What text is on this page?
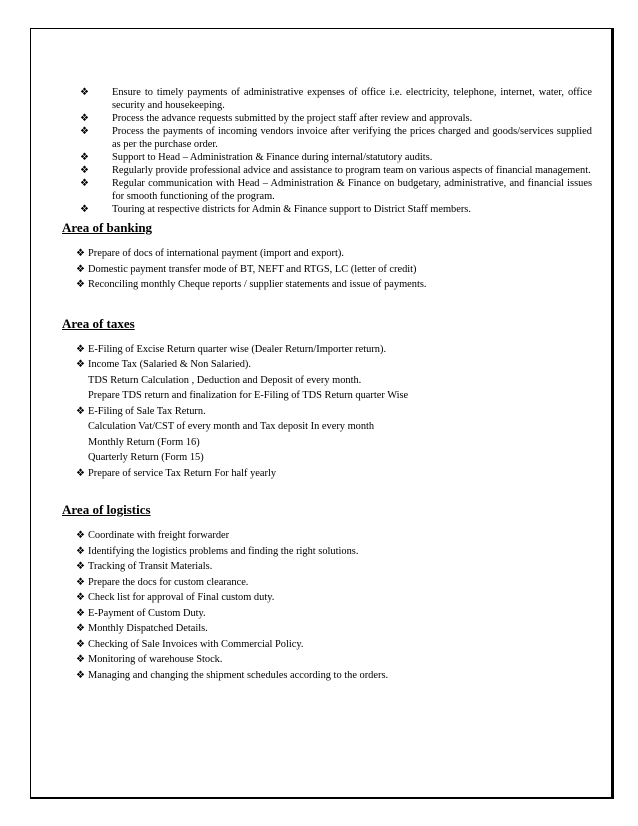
❖ Ensure to timely payments of administrative expenses of office i.e. electricity, telephone, internet, water, office security and housekeeping.
❖ Process the advance requests submitted by the project staff after review and approvals.
❖ Process the payments of incoming vendors invoice after verifying the prices charged and goods/services supplied as per the purchase order.
❖ Support to Head – Administration & Finance during internal/statutory audits.
❖ Regularly provide professional advice and assistance to program team on various aspects of financial management.
❖ Regular communication with Head – Administration & Finance on budgetary, administrative, and financial issues for smooth functioning of the program.
❖ Touring at respective districts for Admin & Finance support to District Staff members.
Area of banking
❖ Prepare of docs of international payment (import and export).
❖ Domestic payment transfer mode of BT, NEFT and RTGS, LC (letter of credit)
❖ Reconciling monthly Cheque reports / supplier statements and issue of payments.
Area of taxes
❖ E-Filing of Excise Return quarter wise (Dealer Return/Importer return).
❖ Income Tax (Salaried & Non Salaried).
TDS Return Calculation , Deduction and Deposit of every month.
Prepare TDS return and finalization for E-Filing of TDS Return quarter Wise
❖ E-Filing of Sale Tax Return.
Calculation Vat/CST of every month and Tax deposit In every month
Monthly Return (Form 16)
Quarterly Return (Form 15)
❖ Prepare of service Tax Return For half yearly
Area of logistics
❖ Coordinate with freight forwarder
❖ Identifying the logistics problems and finding the right solutions.
❖ Tracking of Transit Materials.
❖ Prepare the docs for custom clearance.
❖ Check list for approval of Final custom duty.
❖ E-Payment of Custom Duty.
❖ Monthly Dispatched Details.
❖ Checking of Sale Invoices with Commercial Policy.
❖ Monitoring of warehouse Stock.
❖ Managing and changing the shipment schedules according to the orders.
